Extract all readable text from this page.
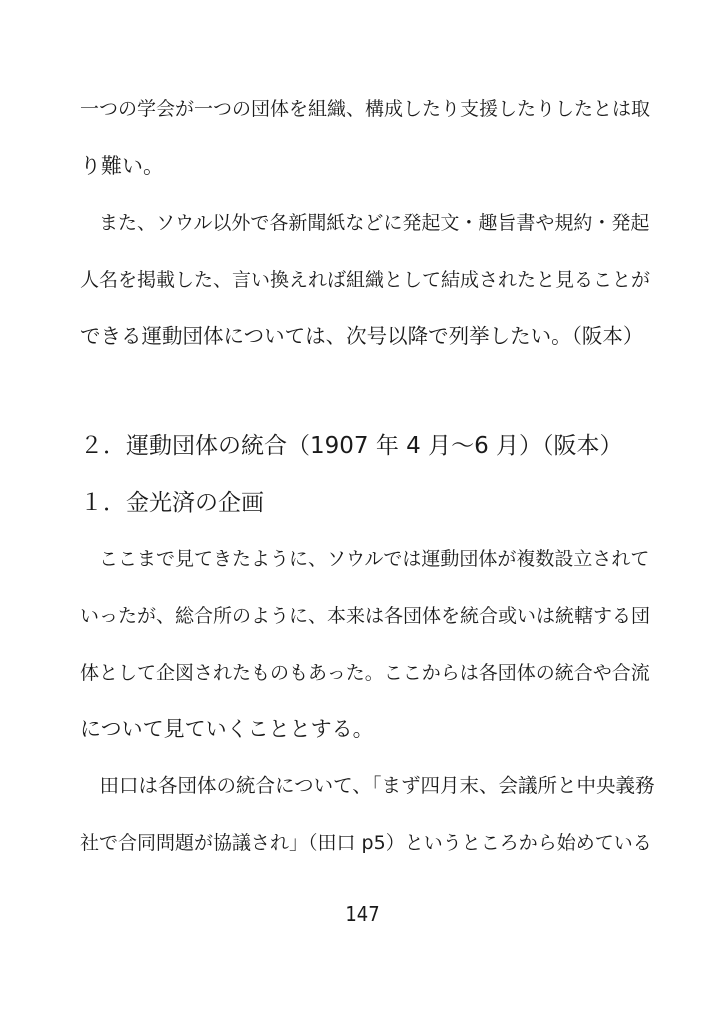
一つの学会が一つの団体を組織、構成したり支援したりしたとは取
り難い。
　また、ソウル以外で各新聞紙などに発起文・趣旨書や規約・発起
人名を掲載した、言い換えれば組織として結成されたと見ることが
できる運動団体については、次号以降で列挙したい。（阪本）
２．運動団体の統合（1907 年 4 月～6 月）（阪本）
１．金光済の企画
　ここまで見てきたように、ソウルでは運動団体が複数設立されて
いったが、総合所のように、本来は各団体を統合或いは統轄する団
体として企図されたものもあった。ここからは各団体の統合や合流
について見ていくこととする。
　田口は各団体の統合について、「まず四月末、会議所と中央義務
社で合同問題が協議され」（田口 p5）というところから始めている
147
